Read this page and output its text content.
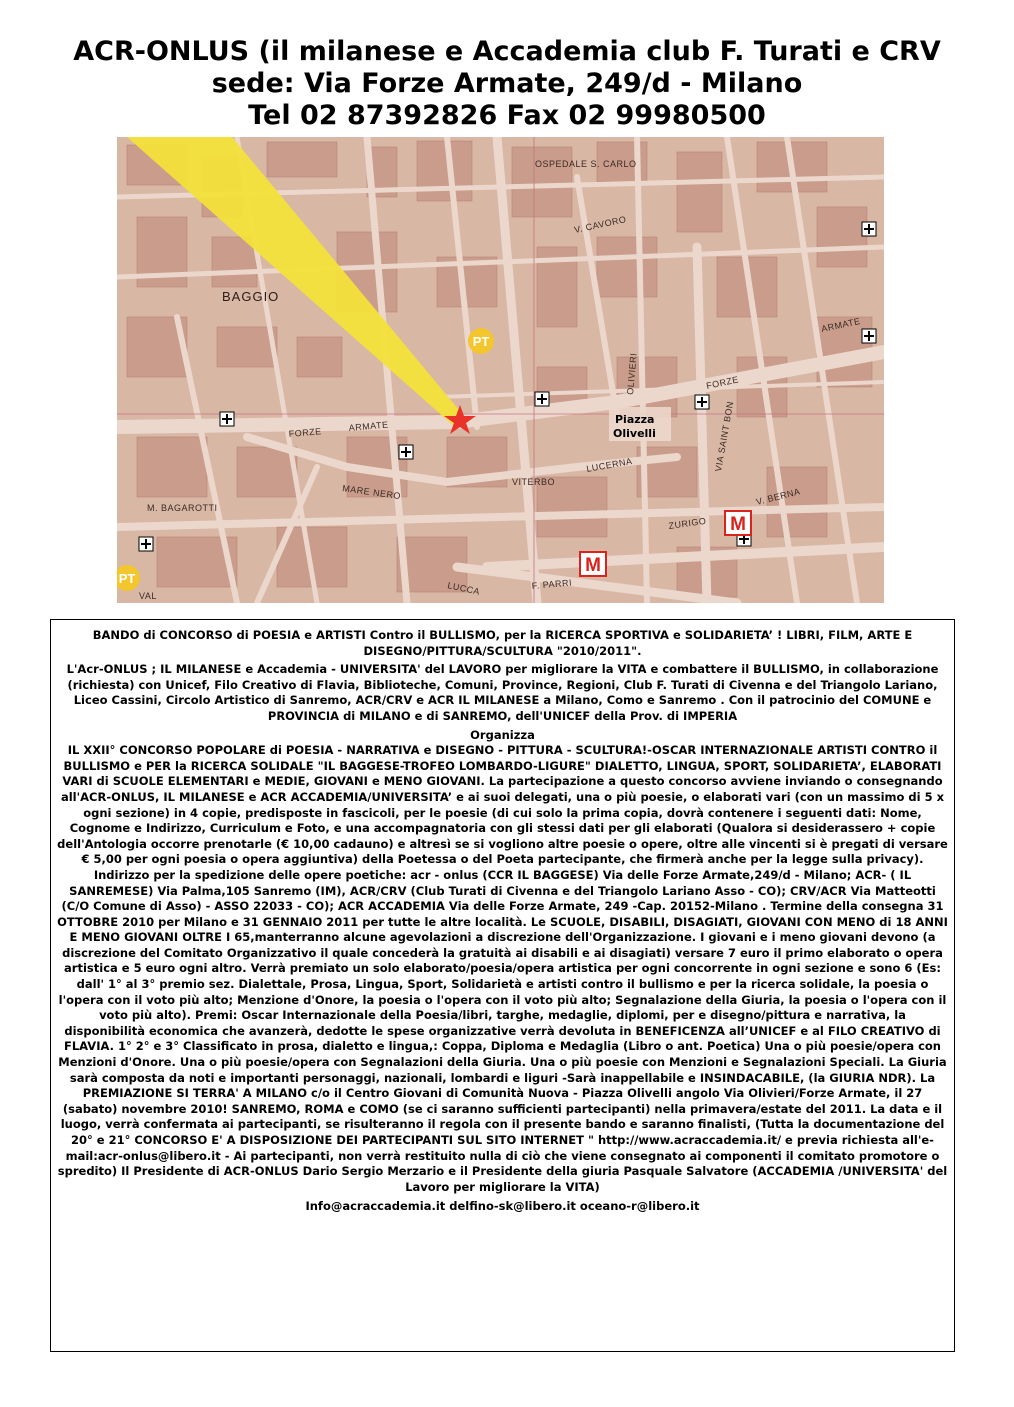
ACR-ONLUS (il milanese e Accademia club F. Turati e CRV
sede: Via Forze Armate, 249/d - Milano
Tel 02 87392826 Fax 02 99980500
PT
PT
M
M
BAGGIO
FORZE	ARMATE
FORZE
ARMATE
MARE NERO
VITERBO
LUCERNA
LUCCA
ZURIGO
V. BERNA
F. PARRI
M. BAGAROTTI
OSPEDALE S. CARLO
V. CAVORO
VIA SAINT BON
OLIVIERI
VAL
Piazza Olivelli

BANDO di CONCORSO di POESIA e ARTISTI Contro il BULLISMO, per la RICERCA SPORTIVA e SOLIDARIETA’ ! LIBRI, FILM, ARTE E DISEGNO/PITTURA/SCULTURA "2010/2011".

L'Acr-ONLUS ; IL MILANESE e Accademia - UNIVERSITA' del LAVORO per migliorare la VITA e combattere il BULLISMO, in collaborazione (richiesta) con Unicef, Filo Creativo di Flavia, Biblioteche, Comuni, Province, Regioni, Club F. Turati di Civenna e del Triangolo Lariano, Liceo Cassini, Circolo Artistico di Sanremo, ACR/CRV e ACR IL MILANESE a Milano, Como e Sanremo . Con il patrocinio del COMUNE e PROVINCIA di MILANO e di SANREMO, dell'UNICEF della Prov. di IMPERIA

Organizza

IL XXII° CONCORSO POPOLARE di POESIA - NARRATIVA e DISEGNO - PITTURA - SCULTURA!-OSCAR INTERNAZIONALE ARTISTI CONTRO il BULLISMO e PER la RICERCA SOLIDALE "IL BAGGESE-TROFEO LOMBARDO-LIGURE" DIALETTO, LINGUA, SPORT, SOLIDARIETA’, ELABORATI VARI di SCUOLE ELEMENTARI e MEDIE, GIOVANI e MENO GIOVANI. La partecipazione a questo concorso avviene inviando o consegnando all'ACR-ONLUS, IL MILANESE e ACR ACCADEMIA/UNIVERSITA’ e ai suoi delegati, una o più poesie, o elaborati vari (con un massimo di 5 x ogni sezione) in 4 copie, predisposte in fascicoli, per le poesie (di cui solo la prima copia, dovrà contenere i seguenti dati: Nome, Cognome e Indirizzo, Curriculum e Foto, e una accompagnatoria con gli stessi dati per gli elaborati (Qualora si desiderassero + copie dell'Antologia occorre prenotarle (€ 10,00 cadauno) e altresì se si vogliono altre poesie o opere, oltre alle vincenti si è pregati di versare € 5,00 per ogni poesia o opera aggiuntiva) della Poetessa o del Poeta partecipante, che firmerà anche per la legge sulla privacy). Indirizzo per la spedizione delle opere poetiche: acr - onlus (CCR IL BAGGESE) Via delle Forze Armate,249/d - Milano; ACR- ( IL SANREMESE) Via Palma,105 Sanremo (IM), ACR/CRV (Club Turati di Civenna e del Triangolo Lariano Asso - CO); CRV/ACR Via Matteotti (C/O Comune di Asso) - ASSO 22033 - CO); ACR ACCADEMIA Via delle Forze Armate, 249 -Cap. 20152-Milano . Termine della consegna 31 OTTOBRE 2010 per Milano e 31 GENNAIO 2011 per tutte le altre località. Le SCUOLE, DISABILI, DISAGIATI, GIOVANI CON MENO di 18 ANNI E MENO GIOVANI OLTRE I 65,manterranno alcune agevolazioni a discrezione dell'Organizzazione. I giovani e i meno giovani devono (a discrezione del Comitato Organizzativo il quale concederà la gratuità ai disabili e ai disagiati) versare 7 euro il primo elaborato o opera artistica e 5 euro ogni altro. Verrà premiato un solo elaborato/poesia/opera artistica per ogni concorrente in ogni sezione e sono 6 (Es: dall' 1° al 3° premio sez. Dialettale, Prosa, Lingua, Sport, Solidarietà e artisti contro il bullismo e per la ricerca solidale, la poesia o l'opera con il voto più alto; Menzione d'Onore, la poesia o l'opera con il voto più alto; Segnalazione della Giuria, la poesia o l'opera con il voto più alto). Premi: Oscar Internazionale della Poesia/libri, targhe, medaglie, diplomi, per e disegno/pittura e narrativa, la disponibilità economica che avanzerà, dedotte le spese organizzative verrà devoluta in BENEFICENZA all’UNICEF e al FILO CREATIVO di FLAVIA. 1° 2° e 3° Classificato in prosa, dialetto e lingua,: Coppa, Diploma e Medaglia (Libro o ant. Poetica) Una o più poesie/opera con Menzioni d'Onore. Una o più poesie/opera con Segnalazioni della Giuria. Una o più poesie con Menzioni e Segnalazioni Speciali. La Giuria sarà composta da noti e importanti personaggi, nazionali, lombardi e liguri -Sarà inappellabile e INSINDACABILE, (la GIURIA NDR). La PREMIAZIONE SI TERRA' A MILANO c/o il Centro Giovani di Comunità Nuova - Piazza Olivelli angolo Via Olivieri/Forze Armate, il 27 (sabato) novembre 2010! SANREMO, ROMA e COMO (se ci saranno sufficienti partecipanti) nella primavera/estate del 2011. La data e il luogo, verrà confermata ai partecipanti, se risulteranno il regola con il presente bando e saranno finalisti, (Tutta la documentazione del 20° e 21° CONCORSO E' A DISPOSIZIONE DEI PARTECIPANTI SUL SITO INTERNET " http://www.acraccademia.it/ e previa richiesta all'e-mail:acr-onlus@libero.it - Ai partecipanti, non verrà restituito nulla di ciò che viene consegnato ai componenti il comitato promotore o spredito) Il Presidente di ACR-ONLUS Dario Sergio Merzario e il Presidente della giuria Pasquale Salvatore (ACCADEMIA /UNIVERSITA' del Lavoro per migliorare la VITA)

Info@acraccademia.it delfino-sk@libero.it oceano-r@libero.it
